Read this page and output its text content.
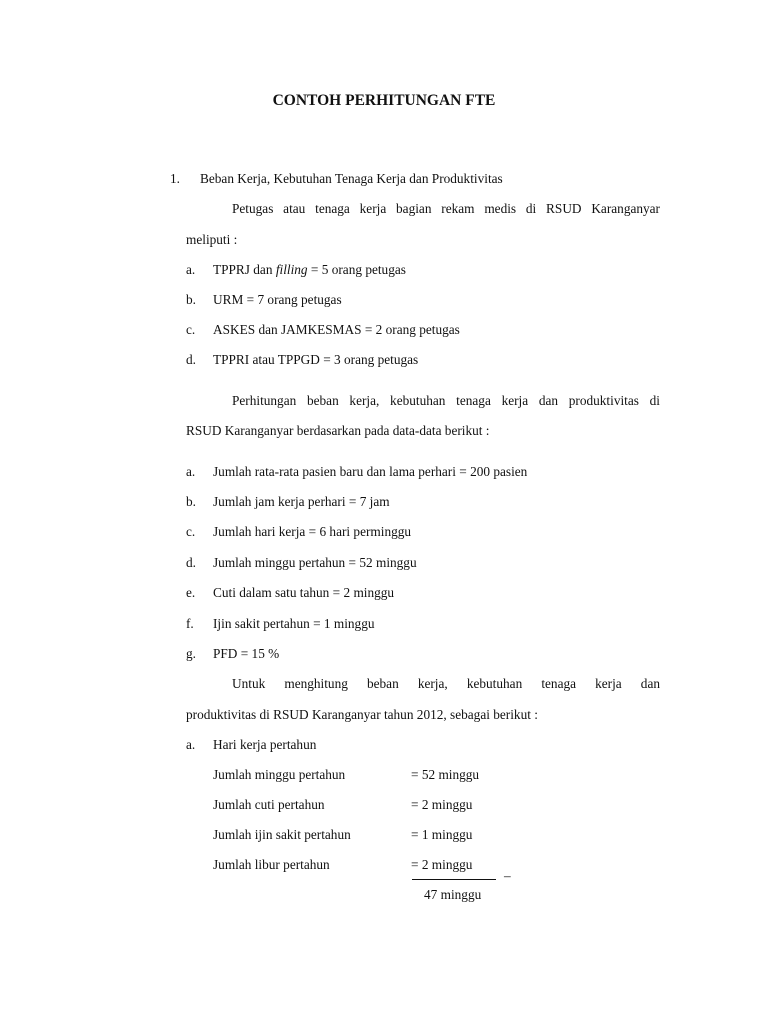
CONTOH PERHITUNGAN FTE
1. Beban Kerja, Kebutuhan Tenaga Kerja dan Produktivitas
Petugas atau tenaga kerja bagian rekam medis di RSUD Karanganyar
meliputi :
a. TPPRJ dan filling = 5 orang petugas
b. URM = 7 orang petugas
c. ASKES dan JAMKESMAS = 2 orang petugas
d. TPPRI atau TPPGD = 3 orang petugas
Perhitungan beban kerja, kebutuhan tenaga kerja dan produktivitas di
RSUD Karanganyar berdasarkan pada data-data berikut :
a. Jumlah rata-rata pasien baru dan lama perhari = 200 pasien
b. Jumlah jam kerja perhari = 7 jam
c. Jumlah hari kerja = 6 hari perminggu
d. Jumlah minggu pertahun = 52 minggu
e. Cuti dalam satu tahun = 2 minggu
f. Ijin sakit pertahun = 1 minggu
g. PFD = 15 %
Untuk menghitung beban kerja, kebutuhan tenaga kerja dan
produktivitas di RSUD Karanganyar tahun 2012, sebagai berikut :
a. Hari kerja pertahun
Jumlah minggu pertahun	= 52 minggu
Jumlah cuti pertahun	= 2 minggu
Jumlah ijin sakit pertahun	= 1 minggu
Jumlah libur pertahun	= 2 minggu
–
47 minggu
